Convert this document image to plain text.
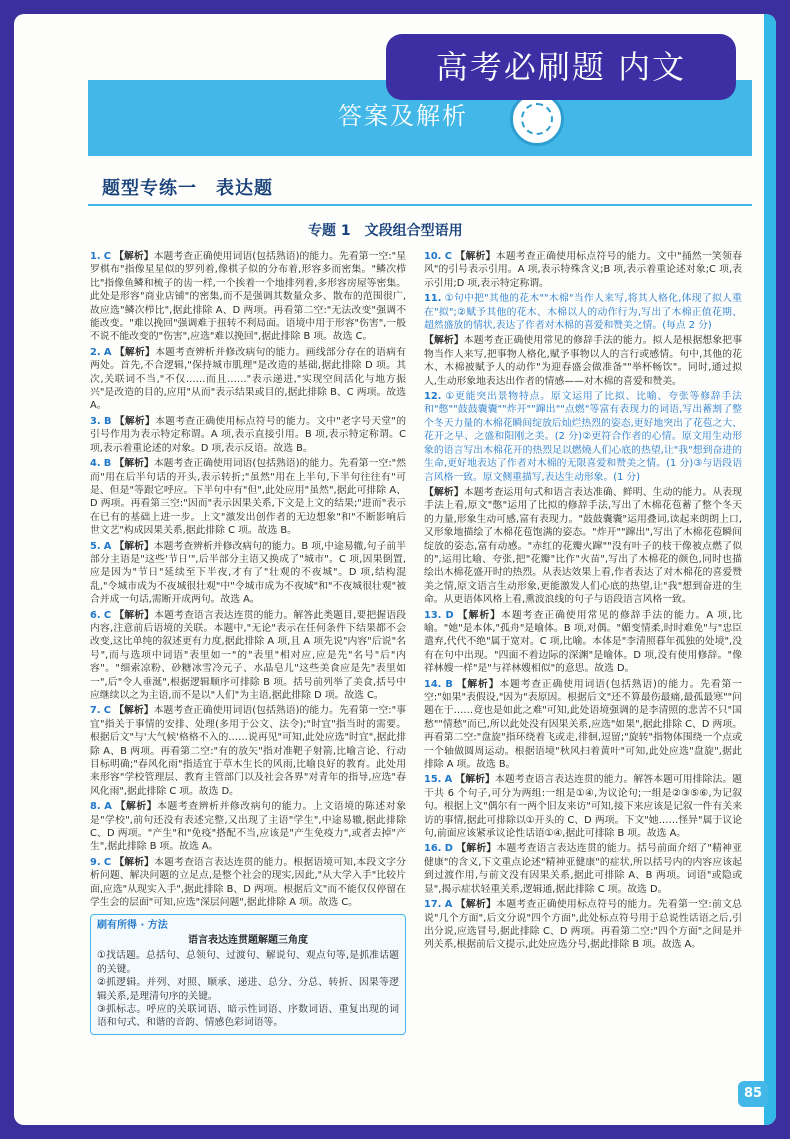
答案及解析
高考必刷题 内文
题型专练一　表达题
专题 1　文段组合型语用
1. C 【解析】本题考查正确使用词语(包括熟语)的能力。先看第一空:"星罗棋布"指像星星似的罗列着,像棋子似的分布着,形容多而密集。"鳞次栉比"指像鱼鳞和梳子的齿一样,一个挨着一个地排列着,多形容房屋等密集。此处是形容"商业店铺"的密集,而不是强调其数量众多、散布的范围很广,故应选"鳞次栉比",据此排除 A、D 两项。再看第二空:"无法改变"强调不能改变。"难以挽回"强调难于扭转不利局面。语境中用于形容"伤害",一般不说不能改变的"伤害",应选"难以挽回",据此排除 B 项。故选 C。
2. A 【解析】本题考查辨析并修改病句的能力。画线部分存在的语病有两处。首先,不合逻辑,"保持城市肌理"是改造的基础,据此排除 D 项。其次,关联词不当,"不仅……而且……"表示递进,"实现空间活化与地方振兴"是改造的目的,应用"从而"表示结果或目的,据此排除 B、C 两项。故选 A。
3. B 【解析】本题考查正确使用标点符号的能力。文中"老字号天堂"的引号作用为表示特定称谓。A 项,表示直接引用。B 项,表示特定称谓。C 项,表示着重论述的对象。D 项,表示反语。故选 B。
4. B 【解析】本题考查正确使用词语(包括熟语)的能力。先看第一空:"然而"用在后半句话的开头,表示转折;"虽然"用在上半句,下半句往往有"可是、但是"等跟它呼应。下半句中有"但",此处应用"虽然",据此可排除 A、D 两项。再看第三空:"因而"表示因果关系,下文是上文的结果;"进而"表示在已有的基础上进一步。上文"激发出创作者的无边想象"和"不断影响后世文艺"构成因果关系,据此排除 C 项。故选 B。
5. A 【解析】本题考查辨析并修改病句的能力。B 项,中途易辙,句子前半部分主语是"这些'节日'",后半部分主语又换成了"城市"。C 项,因果倒置,应是因为"节日"延续至下半夜,才有了"壮观的不夜城"。D 项,结构混乱,"令城市成为不夜城很壮观"中"令城市成为不夜城"和"不夜城很壮观"被合并成一句话,需断开成两句。故选 A。
6. C 【解析】本题考查语言表达连贯的能力。解答此类题目,要把握语段内容,注意前后语境的关联。本题中,"无论"表示在任何条件下结果都不会改变,这比单纯的叙述更有力度,据此排除 A 项,且 A 项先说"内容"后说"名号",而与选项中词语"表里如一"的"表里"相对应,应是先"名号"后"内容"。"细索凉粉、砂糖冰雪冷元子、水晶皂儿"这些美食应是先"表里如一",后"令人垂涎",根据逻辑顺序可排除 B 项。括号前列举了美食,括号中应继续以之为主语,而不是以"人们"为主语,据此排除 D 项。故选 C。
7. C 【解析】本题考查正确使用词语(包括熟语)的能力。先看第一空:"事宜"指关于事情的安排、处理(多用于公文、法令);"时宜"指当时的需要。根据后文"与'大气候'格格不入的……说再见"可知,此处应选"时宜",据此排除 A、B 两项。再看第二空:"有的放矢"指对准靶子射箭,比喻言论、行动目标明确;"春风化雨"指适宜于草木生长的风雨,比喻良好的教育。此处用来形容"学校管理层、教育主管部门以及社会各界"对青年的指导,应选"春风化雨",据此排除 C 项。故选 D。
8. A 【解析】本题考查辨析并修改病句的能力。上文语境的陈述对象是"学校",前句还没有表述完整,又出现了主语"学生",中途易辙,据此排除 C、D 两项。"产生"和"免疫"搭配不当,应该是"产生免疫力",或者去掉"产生",据此排除 B 项。故选 A。
9. C 【解析】本题考查语言表达连贯的能力。根据语境可知,本段文字分析问题、解决问题的立足点,是整个社会的现实,因此,"从大学入手"比较片面,应选"从现实入手",据此排除 B、D 两项。根据后文"而不能仅仅停留在学生会的层面"可知,应选"深层问题",据此排除 A 项。故选 C。
刷有所得 · 方法
语言表达连贯题解题三角度
①找话题。总括句、总领句、过渡句、解说句、观点句等,是抓准话题的关键。
②抓逻辑。并列、对照、顺承、递进、总分、分总、转折、因果等逻辑关系,是理清句序的关键。
③抓标志。呼应的关联词语、暗示性词语、序数词语、重复出现的词语和句式、和谐的音韵、情感色彩词语等。
10. C 【解析】本题考查正确使用标点符号的能力。文中"捅然一笑领春风"的引号表示引用。A 项,表示特殊含义;B 项,表示着重论述对象;C 项,表示引用;D 项,表示特定称谓。
11. ①句中把"其他的花木""木棉"当作人来写,将其人格化,体现了拟人重在"拟";②赋予其他的花木、木棉以人的动作行为,写出了木棉正值花期、超然盛放的情状,表达了作者对木棉的喜爱和赞美之情。(每点 2 分)
【解析】本题考查正确使用常见的修辞手法的能力。拟人是根据想象把事物当作人来写,把事物人格化,赋予事物以人的言行或感情。句中,其他的花木、木棉被赋予人的动作"为迎春盛会做准备""举杯畅饮"。同时,通过拟人,生动形象地表达出作者的情感——对木棉的喜爱和赞美。
12. ①更能突出景物特点。原文运用了比拟、比喻、夸张等修辞手法和"憋""鼓鼓囊囊""炸开""蹿出""点燃"等富有表现力的词语,写出蓄割了整个冬天力量的木棉花瞬间绽放后灿烂热烈的姿态,更好地突出了花苞之大、花开之早、之盛和阳刚之美。(2 分)②更符合作者的心情。原文用生动形象的语言写出木棉花开的热烈足以燃燒人们心底的热望,让"我"想到奋进的生命,更好地表达了作者对木棉的无限喜爱和赞美之情。(1 分)③与语段语言风格一致。原文侧重描写,表达生动形象。(1 分)
【解析】本题考查运用句式和语言表达准确、鲜明、生动的能力。从表现手法上看,原文"憋"运用了比拟的修辞手法,写出了木棉花苞蓄了整个冬天的力量,形象生动可感,富有表现力。"鼓鼓囊囊"运用叠词,读起来朗朗上口,又形象地描绘了木棉花苞饱满的姿态。"炸开""蹿出",写出了木棉花苞瞬间绽放的姿态,富有动感。"赤红的花瓣火蹿""没有叶子的枝干像被点燃了似的",运用比喻、夸张,把"花瓣"比作"火苗",写出了木棉花的颜色,同时也描绘出木棉花盛开时的热烈。从表达效果上看,作者表达了对木棉花的喜爱赞美之情,原文语言生动形象,更能激发人们心底的热望,让"我"想到奋进的生命。从更语体风格上看,熏波浪线的句子与语段语言风格一致。
13. D 【解析】本题考查正确使用常见的修辞手法的能力。A 项,比喻。"她"是本体,"孤舟"是喻体。B 项,对偶。"媚变情柔,时时难免"与"忠臣遣弃,代代不绝"属于宽对。C 项,比喻。本体是"李清照暮年孤独的处境",没有在句中出现。"四面不着边际的深渊"是喻体。D 项,没有使用修辞。"像祥林嫂一样"是"与祥林嫂相似"的意思。故选 D。
14. B 【解析】本题考查正确使用词语(包括熟语)的能力。先看第一空:"如果"表假设,"因为"表原因。根据后文"还不算最伤最痛,最孤最寒""问题在于……竟也是如此之难"可知,此处语境强调的是李清照的悲苦不只"国愁""情愁"而已,所以此处没有因果关系,应选"如果",据此排除 C、D 两项。再看第二空:"盘旋"指环绕着飞或走,徘徊,逗留;"旋转"指物体围绕一个点或一个轴做圆周运动。根据语境"秋风扫着黄叶"可知,此处应选"盘旋",据此排除 A 项。故选 B。
15. A 【解析】本题考查语言表达连贯的能力。解答本题可用排除法。题干共 6 个句子,可分为两组:一组是①④,为议论句;一组是②③⑤⑥,为记叙句。根据上文"偶尔有一两个旧友来访"可知,接下来应该是记叙一件有关来访的事情,据此可排除以①开头的 C、D 两项。下文"她……怪异"属于议论句,前面应该紧承议论性话语①④,据此可排除 B 项。故选 A。
16. D 【解析】本题考查语言表达连贯的能力。括号前面介绍了"精神亚健康"的含义,下文重点论述"精神亚健康"的症状,所以括号内的内容应该起到过渡作用,与前文没有因果关系,据此可排除 A、B 两项。词语"或隐或显",揭示症状轻重关系,逻辑通,据此排除 C 项。故选 D。
17. A 【解析】本题考查正确使用标点符号的能力。先看第一空:前文总说"几个方面",后文分说"四个方面",此处标点符号用于总说性话语之后,引出分说,应选冒号,据此排除 C、D 两项。再看第二空:"四个方面"之间是并列关系,根据前后文提示,此处应选分号,据此排除 B 项。故选 A。
85
